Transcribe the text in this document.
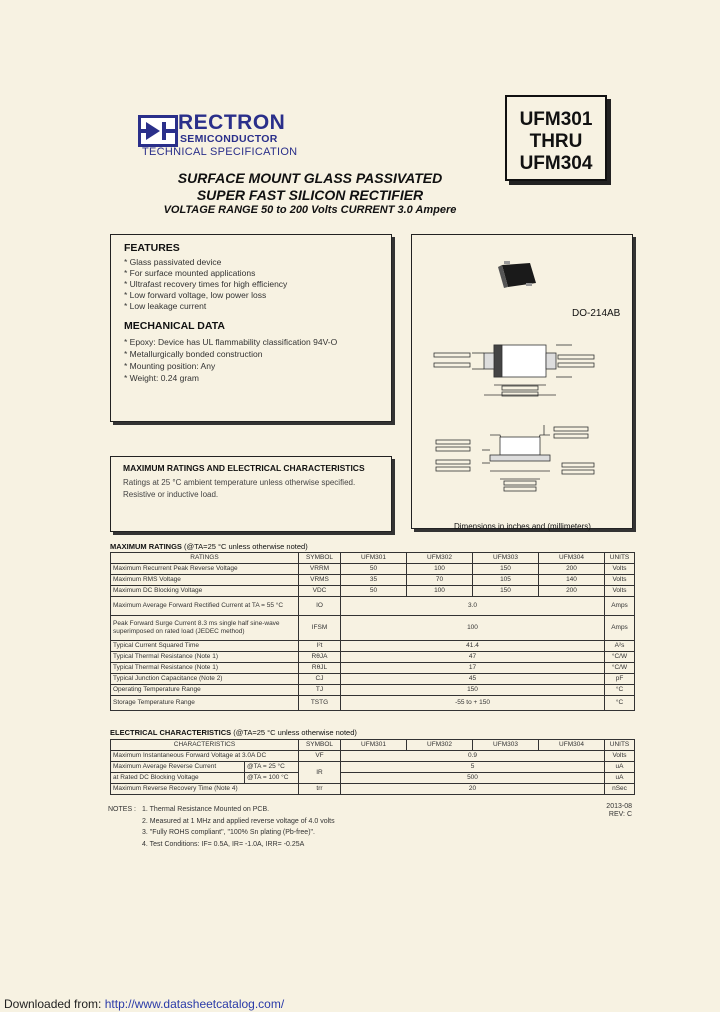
RECTRON
SEMICONDUCTOR
TECHNICAL SPECIFICATION
UFM301
THRU
UFM304
SURFACE MOUNT GLASS PASSIVATED
SUPER FAST SILICON RECTIFIER
VOLTAGE RANGE 50 to 200 Volts CURRENT 3.0 Ampere
FEATURES
* Glass passivated device
* For surface mounted applications
* Ultrafast recovery times for high efficiency
* Low forward voltage, low power loss
* Low leakage current
MECHANICAL DATA
* Epoxy: Device has UL flammability classification 94V-O
* Metallurgically bonded construction
* Mounting position: Any
* Weight: 0.24 gram
DO-214AB
Dimensions in inches and (millimeters)
MAXIMUM RATINGS AND ELECTRICAL CHARACTERISTICS
Ratings at 25 °C ambient temperature unless otherwise specified.
Resistive or inductive load.
MAXIMUM RATINGS (@TA=25 °C unless otherwise noted)
RATINGS	SYMBOL	UFM301	UFM302	UFM303	UFM304	UNITS
Maximum Recurrent Peak Reverse Voltage	VRRM	50	100	150	200	Volts
Maximum RMS Voltage	VRMS	35	70	105	140	Volts
Maximum DC Blocking Voltage	VDC	50	100	150	200	Volts
Maximum Average Forward Rectified Current at TA = 55 °C	IO	3.0				Amps
Peak Forward Surge Current 8.3 ms single half sine-wave superimposed on rated load (JEDEC method)	IFSM	100				Amps
Typical Current Squared Time	I²t	41.4				A²s
Typical Thermal Resistance (Note 1)	RθJA	47				°C/W
Typical Thermal Resistance (Note 1)	RθJL	17				°C/W
Typical Junction Capacitance (Note 2)	CJ	45				pF
Operating Temperature Range	TJ	150				°C
Storage Temperature Range	TSTG	-55 to + 150				°C
ELECTRICAL CHARACTERISTICS (@TA=25 °C unless otherwise noted)
CHARACTERISTICS		SYMBOL	UFM301	UFM302	UFM303	UFM304	UNITS
Maximum Instantaneous Forward Voltage at 3.0A DC		VF	0.9				Volts
Maximum Average Reverse Current	@TA = 25 °C	IR	5				uA
at Rated DC Blocking Voltage	@TA = 100 °C		500				uA
Maximum Reverse Recovery Time (Note 4)		trr	20				nSec
NOTES : 1. Thermal Resistance Mounted on PCB.
2. Measured at 1 MHz and applied reverse voltage of 4.0 volts
3. "Fully ROHS compliant", "100% Sn plating (Pb-free)".
4. Test Conditions: IF= 0.5A, IR= -1.0A, IRR= -0.25A
2013-08
REV: C
Downloaded from: http://www.datasheetcatalog.com/
